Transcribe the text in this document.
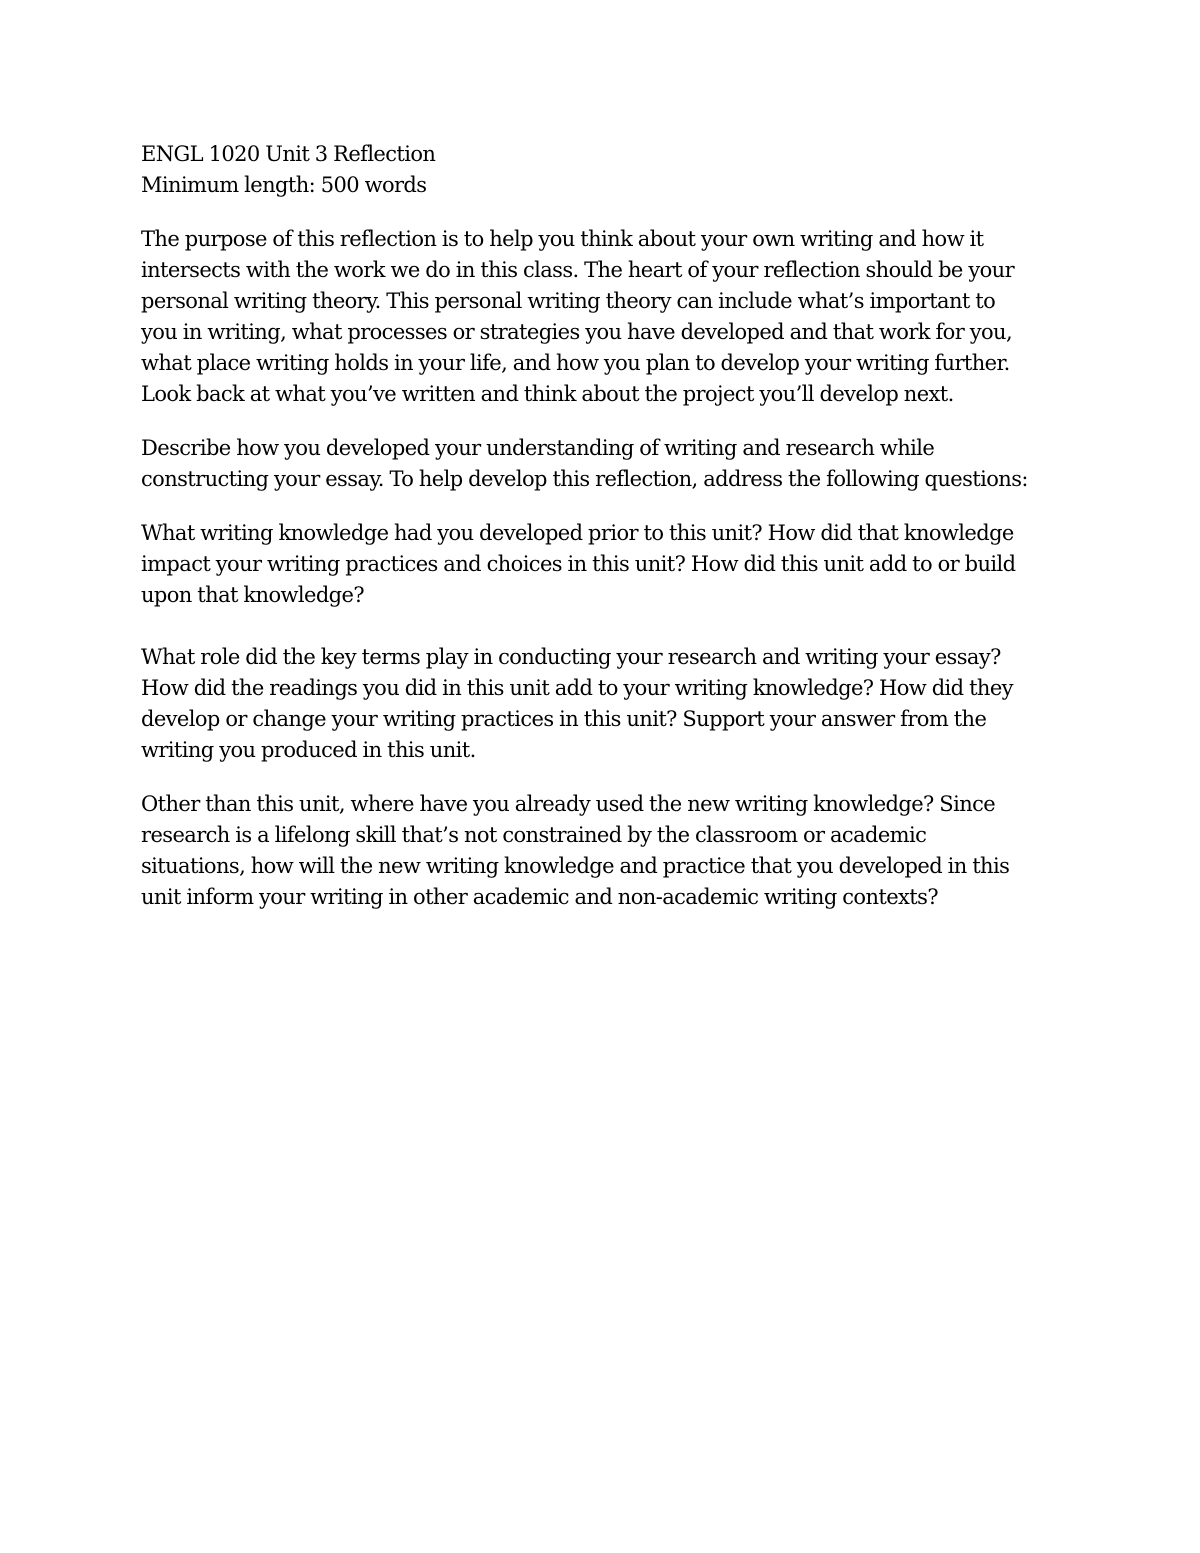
ENGL 1020 Unit 3 Reflection

Minimum length: 500 words

The purpose of this reflection is to help you think about your own writing and how it

intersects with the work we do in this class. The heart of your reflection should be your

personal writing theory. This personal writing theory can include what’s important to

you in writing, what processes or strategies you have developed and that work for you,

what place writing holds in your life, and how you plan to develop your writing further.

Look back at what you’ve written and think about the project you’ll develop next.

Describe how you developed your understanding of writing and research while

constructing your essay. To help develop this reflection, address the following questions:

What writing knowledge had you developed prior to this unit? How did that knowledge

impact your writing practices and choices in this unit? How did this unit add to or build

upon that knowledge?

What role did the key terms play in conducting your research and writing your essay?

How did the readings you did in this unit add to your writing knowledge? How did they

develop or change your writing practices in this unit? Support your answer from the

writing you produced in this unit.

Other than this unit, where have you already used the new writing knowledge? Since

research is a lifelong skill that’s not constrained by the classroom or academic

situations, how will the new writing knowledge and practice that you developed in this

unit inform your writing in other academic and non-academic writing contexts?
